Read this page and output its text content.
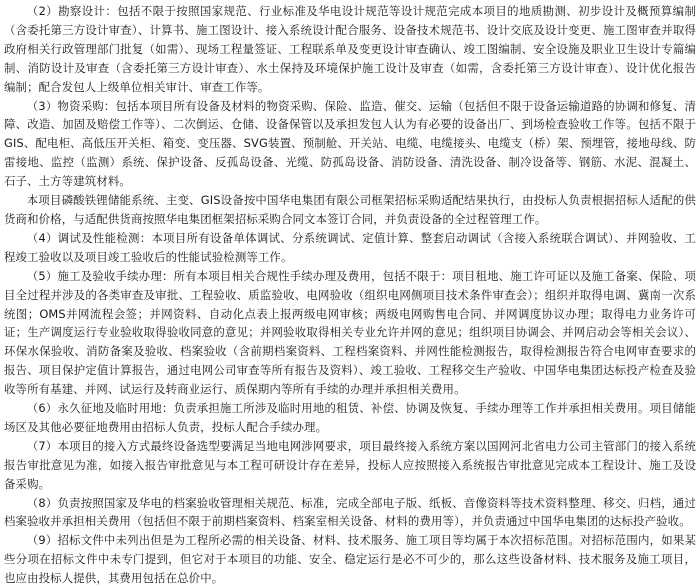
（2）勘察设计：包括不限于按照国家规范、行业标准及华电设计规范等设计规范完成本项目的地质勘测、初步设计及概预算编制（含委托第三方设计审查）、计算书、施工图设计、接入系统设计配合服务、设备技术规范书、设计交底及设计变更、施工图审查并取得政府相关行政管理部门批复（如需）、现场工程量签证、工程联系单及变更设计审查确认、竣工图编制、安全设施及职业卫生设计专篇编制、消防设计及审查（含委托第三方设计审查）、水土保持及环境保护施工设计及审查（如需，含委托第三方设计审查）、设计优化报告编制；配合发包人上级单位相关审计、审查工作等。

（3）物资采购：包括本项目所有设备及材料的物资采购、保险、监造、催交、运输（包括但不限于设备运输道路的协调和修复、清障、改造、加固及赔偿工作等）、二次倒运、仓储、设备保管以及承担发包人认为有必要的设备出厂、到场检查验收工作等。包括不限于GIS、配电柜、高低压开关柜、箱变、变压器、SVG装置、预制舱、开关站、电缆、电缆接头、电缆支（桥）架、预埋管，接地母线、防雷接地、监控（监测）系统、保护设备、反孤岛设备、光缆、防孤岛设备、消防设备、清洗设备、制冷设备等、钢筋、水泥、混凝土、石子、土方等建筑材料。

本项目磷酸铁锂储能系统、主变、GIS设备按中国华电集团有限公司框架招标采购适配结果执行，由投标人负责根据招标人适配的供货商和价格，与适配供货商按照华电集团框架招标采购合同文本签订合同，并负责设备的全过程管理工作。

（4）调试及性能检测：本项目所有设备单体调试、分系统调试、定值计算、整套启动调试（含接入系统联合调试）、并网验收、工程竣工验收以及项目竣工验收后的性能试验检测等工作。

（5）施工及验收手续办理：所有本项目相关合规性手续办理及费用，包括不限于：项目租地、施工许可证以及施工备案、保险、项目全过程并涉及的各类审查及审批、工程验收、质监验收、电网验收（组织电网侧项目技术条件审查会）；组织并取得电调、冀南一次系统图；OMS并网流程会签；并网资料、自动化点表上报两级电网审核；两级电网购售电合同、并网调度协议办理；取得电力业务许可证；生产调度运行专业验收取得验收同意的意见；并网验收取得相关专业允许并网的意见；组织项目协调会、并网启动会等相关会议）、环保水保验收、消防备案及验收、档案验收（含前期档案资料、工程档案资料、并网性能检测报告，取得检测报告符合电网审查要求的报告、项目保护定值计算报告，通过电网公司审查等所有报告及资料）、竣工验收、工程移交生产验收、中国华电集团达标投产检查及验收等所有基建、并网、试运行及转商业运行、质保期内等所有手续的办理并承担相关费用。

（6）永久征地及临时用地：负责承担施工所涉及临时用地的租赁、补偿、协调及恢复、手续办理等工作并承担相关费用。项目储能场区及其他必要征地费用由招标人负责，投标人配合手续办理。

（7）本项目的接入方式最终设备选型要满足当地电网涉网要求，项目最终接入系统方案以国网河北省电力公司主管部门的接入系统报告审批意见为准，如接入报告审批意见与本工程可研设计存在差异，投标人应按照接入系统报告审批意见完成本工程设计、施工及设备采购。

（8）负责按照国家及华电的档案验收管理相关规范、标准，完成全部电子版、纸板、音像资料等技术资料整理、移交、归档，通过档案验收并承担相关费用（包括但不限于前期档案资料、档案室相关设备、材料的费用等），并负责通过中国华电集团的达标投产验收。

（9）招标文件中未列出但是为工程所必需的相关设备、材料、技术服务、施工项目等均属于本次招标范围。对招标范围内，如果某些分项在招标文件中未专门提到，但它对于本项目的功能、安全、稳定运行是必不可少的，那么这些设备材料、技术服务及施工项目，也应由投标人提供，其费用包括在总价中。
